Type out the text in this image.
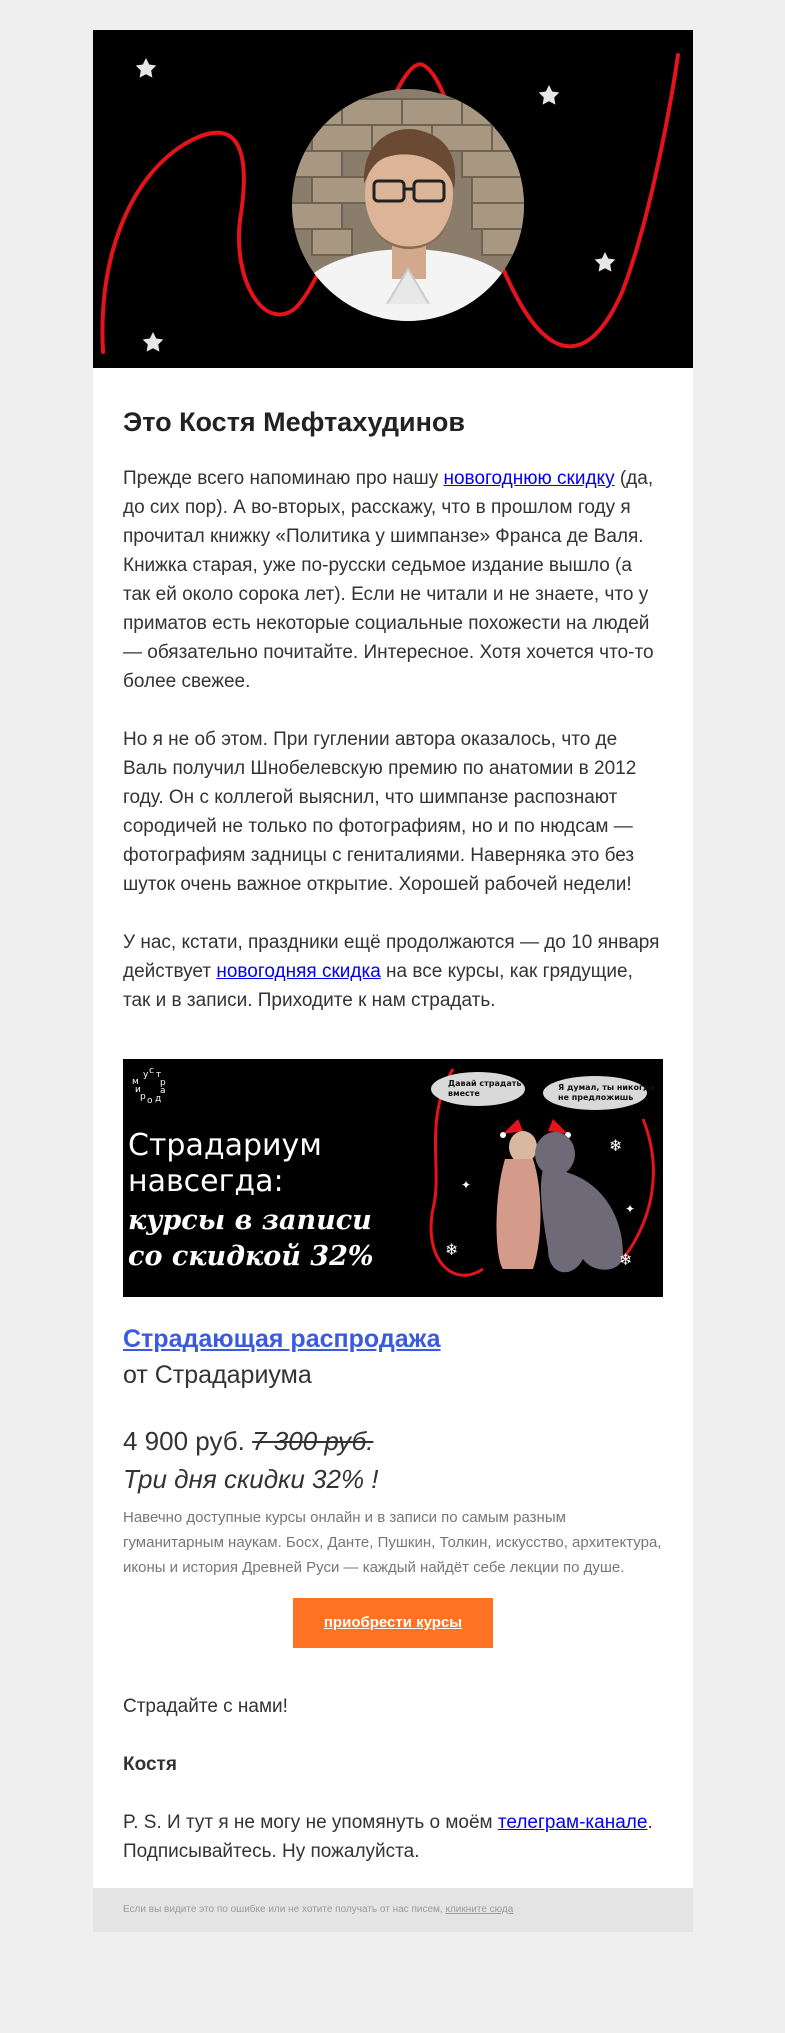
Это Костя Мефтахудинов

Прежде всего напоминаю про нашу новогоднюю скидку (да, до сих пор). А во-вторых, расскажу, что в прошлом году я прочитал книжку «Политика у шимпанзе» Франса де Валя. Книжка старая, уже по-русски седьмое издание вышло (а так ей около сорока лет). Если не читали и не знаете, что у приматов есть некоторые социальные похожести на людей — обязательно почитайте. Интересное. Хотя хочется что-то более свежее.

Но я не об этом. При гуглении автора оказалось, что де Валь получил Шнобелевскую премию по анатомии в 2012 году. Он с коллегой выяснил, что шимпанзе распознают сородичей не только по фотографиям, но и по нюдсам — фотографиям задницы с гениталиями. Наверняка это без шуток очень важное открытие. Хорошей рабочей недели!

У нас, кстати, праздники ещё продолжаются — до 10 января действует новогодняя скидка на все курсы, как грядущие, так и в записи. Приходите к нам страдать.

у с т
р
а
д
о
р
и
м
Страдариум
навсегда:
курсы в записи
со скидкой 32%
Давай страдать
вместе
Я думал, ты никогда
не предложишь
❄
❄
❄
✦
✦
Страдающая распродажа
от Страдариума
4 900 руб. 7 300 руб.
Три дня скидки 32% !
Навечно доступные курсы онлайн и в записи по самым разным гуманитарным наукам. Босх, Данте, Пушкин, Толкин, искусство, архитектура, иконы и история Древней Руси — каждый найдёт себе лекции по душе.
приобрести курсы

Страдайте с нами!

Костя

P. S. И тут я не могу не упомянуть о моём телеграм-канале. Подписывайтесь. Ну пожалуйста.

Если вы видите это по ошибке или не хотите получать от нас писем, кликните сюда
